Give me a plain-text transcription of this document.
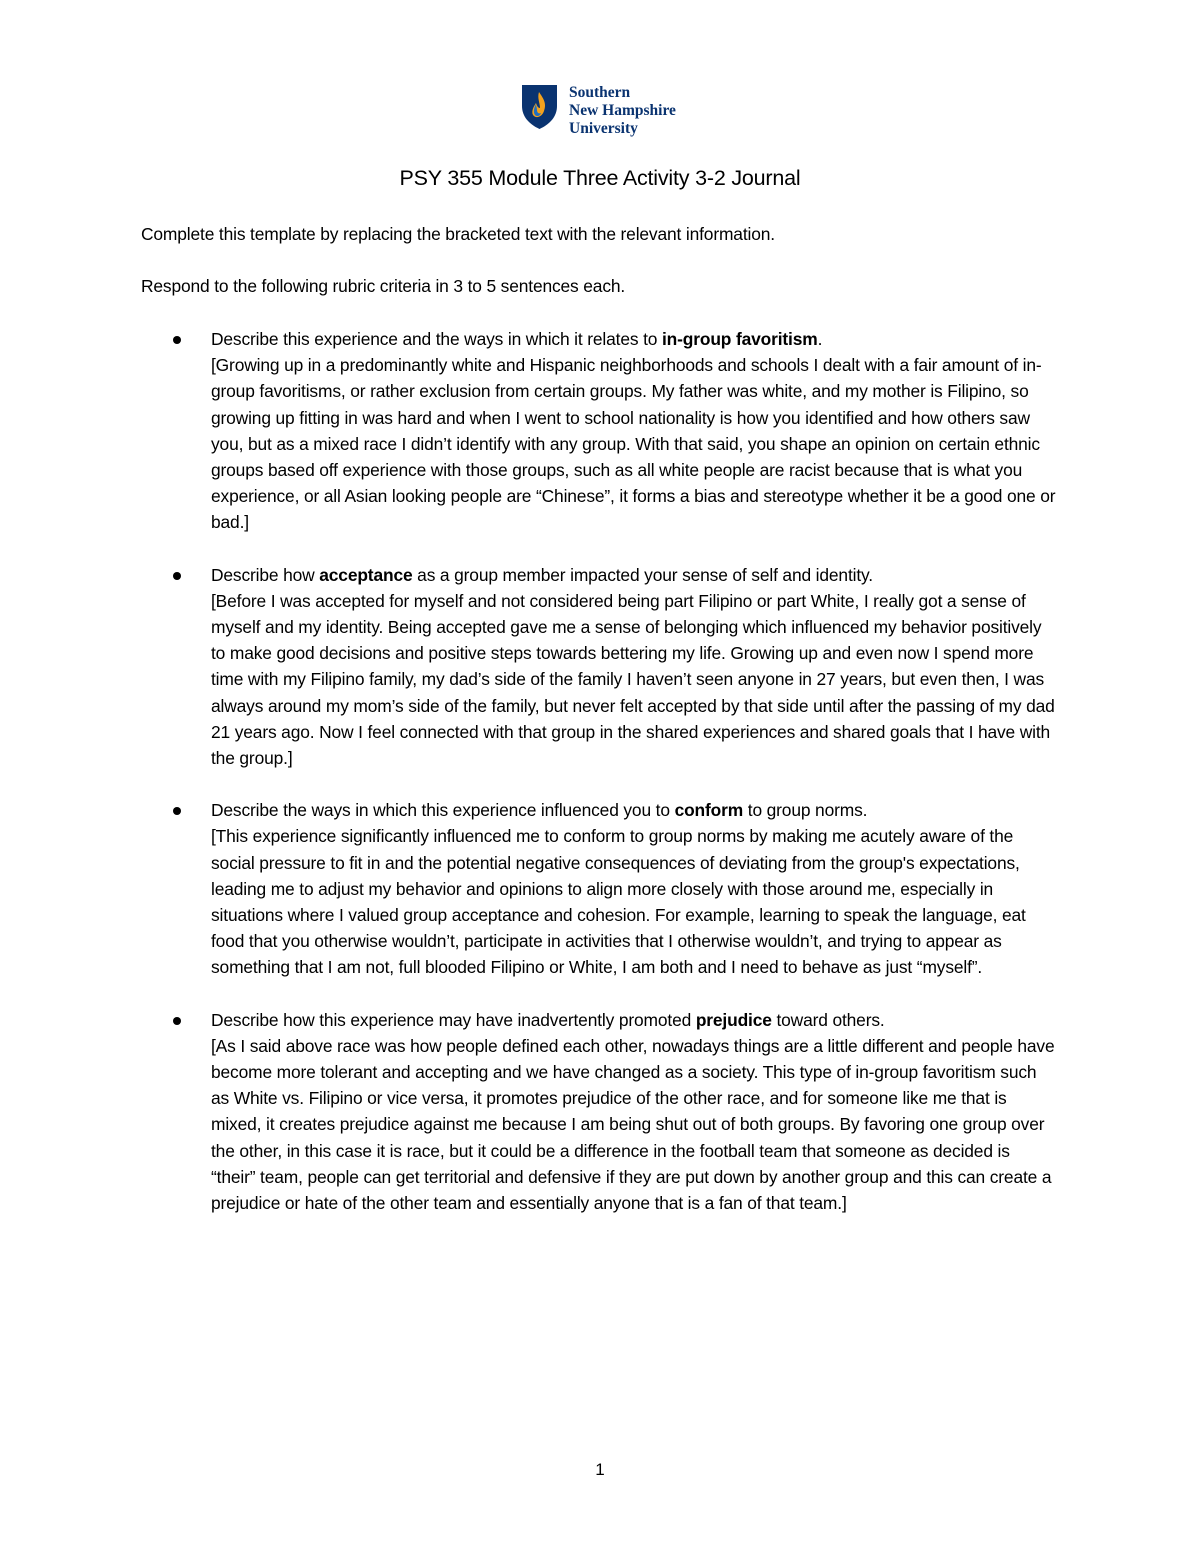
Southern
New Hampshire
University
PSY 355 Module Three Activity 3-2 Journal

Complete this template by replacing the bracketed text with the relevant information.

Respond to the following rubric criteria in 3 to 5 sentences each.

Describe this experience and the ways in which it relates to in-group favoritism.

[Growing up in a predominantly white and Hispanic neighborhoods and schools I dealt with a fair amount of in-group favoritisms, or rather exclusion from certain groups. My father was white, and my mother is Filipino, so growing up fitting in was hard and when I went to school nationality is how you identified and how others saw you, but as a mixed race I didn’t identify with any group. With that said, you shape an opinion on certain ethnic groups based off experience with those groups, such as all white people are racist because that is what you experience, or all Asian looking people are “Chinese”, it forms a bias and stereotype whether it be a good one or bad.]

Describe how acceptance as a group member impacted your sense of self and identity.

[Before I was accepted for myself and not considered being part Filipino or part White, I really got a sense of myself and my identity. Being accepted gave me a sense of belonging which influenced my behavior positively to make good decisions and positive steps towards bettering my life. Growing up and even now I spend more time with my Filipino family, my dad’s side of the family I haven’t seen anyone in 27 years, but even then, I was always around my mom’s side of the family, but never felt accepted by that side until after the passing of my dad 21 years ago. Now I feel connected with that group in the shared experiences and shared goals that I have with the group.]

Describe the ways in which this experience influenced you to conform to group norms.

[This experience significantly influenced me to conform to group norms by making me acutely aware of the social pressure to fit in and the potential negative consequences of deviating from the group's expectations, leading me to adjust my behavior and opinions to align more closely with those around me, especially in situations where I valued group acceptance and cohesion. For example, learning to speak the language, eat food that you otherwise wouldn’t, participate in activities that I otherwise wouldn’t, and trying to appear as something that I am not, full blooded Filipino or White, I am both and I need to behave as just “myself”.

Describe how this experience may have inadvertently promoted prejudice toward others.

[As I said above race was how people defined each other, nowadays things are a little different and people have become more tolerant and accepting and we have changed as a society. This type of in-group favoritism such as White vs. Filipino or vice versa, it promotes prejudice of the other race, and for someone like me that is mixed, it creates prejudice against me because I am being shut out of both groups. By favoring one group over the other, in this case it is race, but it could be a difference in the football team that someone as decided is “their” team, people can get territorial and defensive if they are put down by another group and this can create a prejudice or hate of the other team and essentially anyone that is a fan of that team.]

1
